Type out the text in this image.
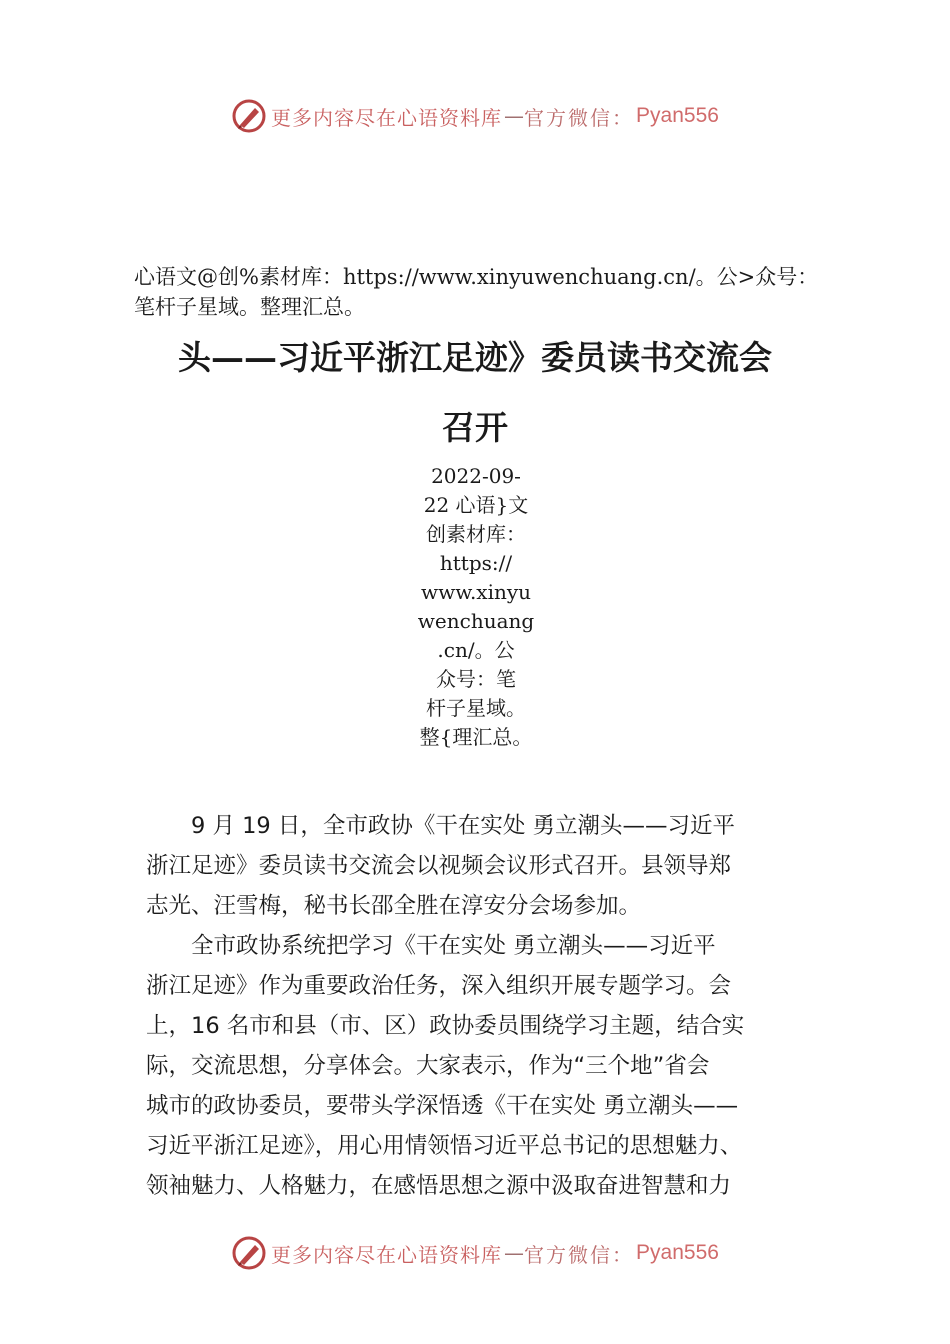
更多内容尽在心语资料库 — 官方微信： Pyan556

心语文@创%素材库：https://www.xinyuwenchuang.cn/。公>众号：笔杆子星域。整理汇总。

头——习近平浙江足迹》委员读书交流会
召开
2022-09-
22 心语}文
创素材库：
https://
www.xinyu
wenchuang
.cn/。公
众号：笔
杆子星域。
整{理汇总。
　　9 月 19 日，全市政协《干在实处 勇立潮头——习近平
浙江足迹》委员读书交流会以视频会议形式召开。县领导郑
志光、汪雪梅，秘书长邵全胜在淳安分会场参加。
　　全市政协系统把学习《干在实处 勇立潮头——习近平
浙江足迹》作为重要政治任务，深入组织开展专题学习。会
上，16 名市和县（市、区）政协委员围绕学习主题，结合实
际，交流思想，分享体会。大家表示，作为“三个地”省会
城市的政协委员，要带头学深悟透《干在实处 勇立潮头——
习近平浙江足迹》，用心用情领悟习近平总书记的思想魅力、
领袖魅力、人格魅力，在感悟思想之源中汲取奋进智慧和力
更多内容尽在心语资料库 — 官方微信： Pyan556
